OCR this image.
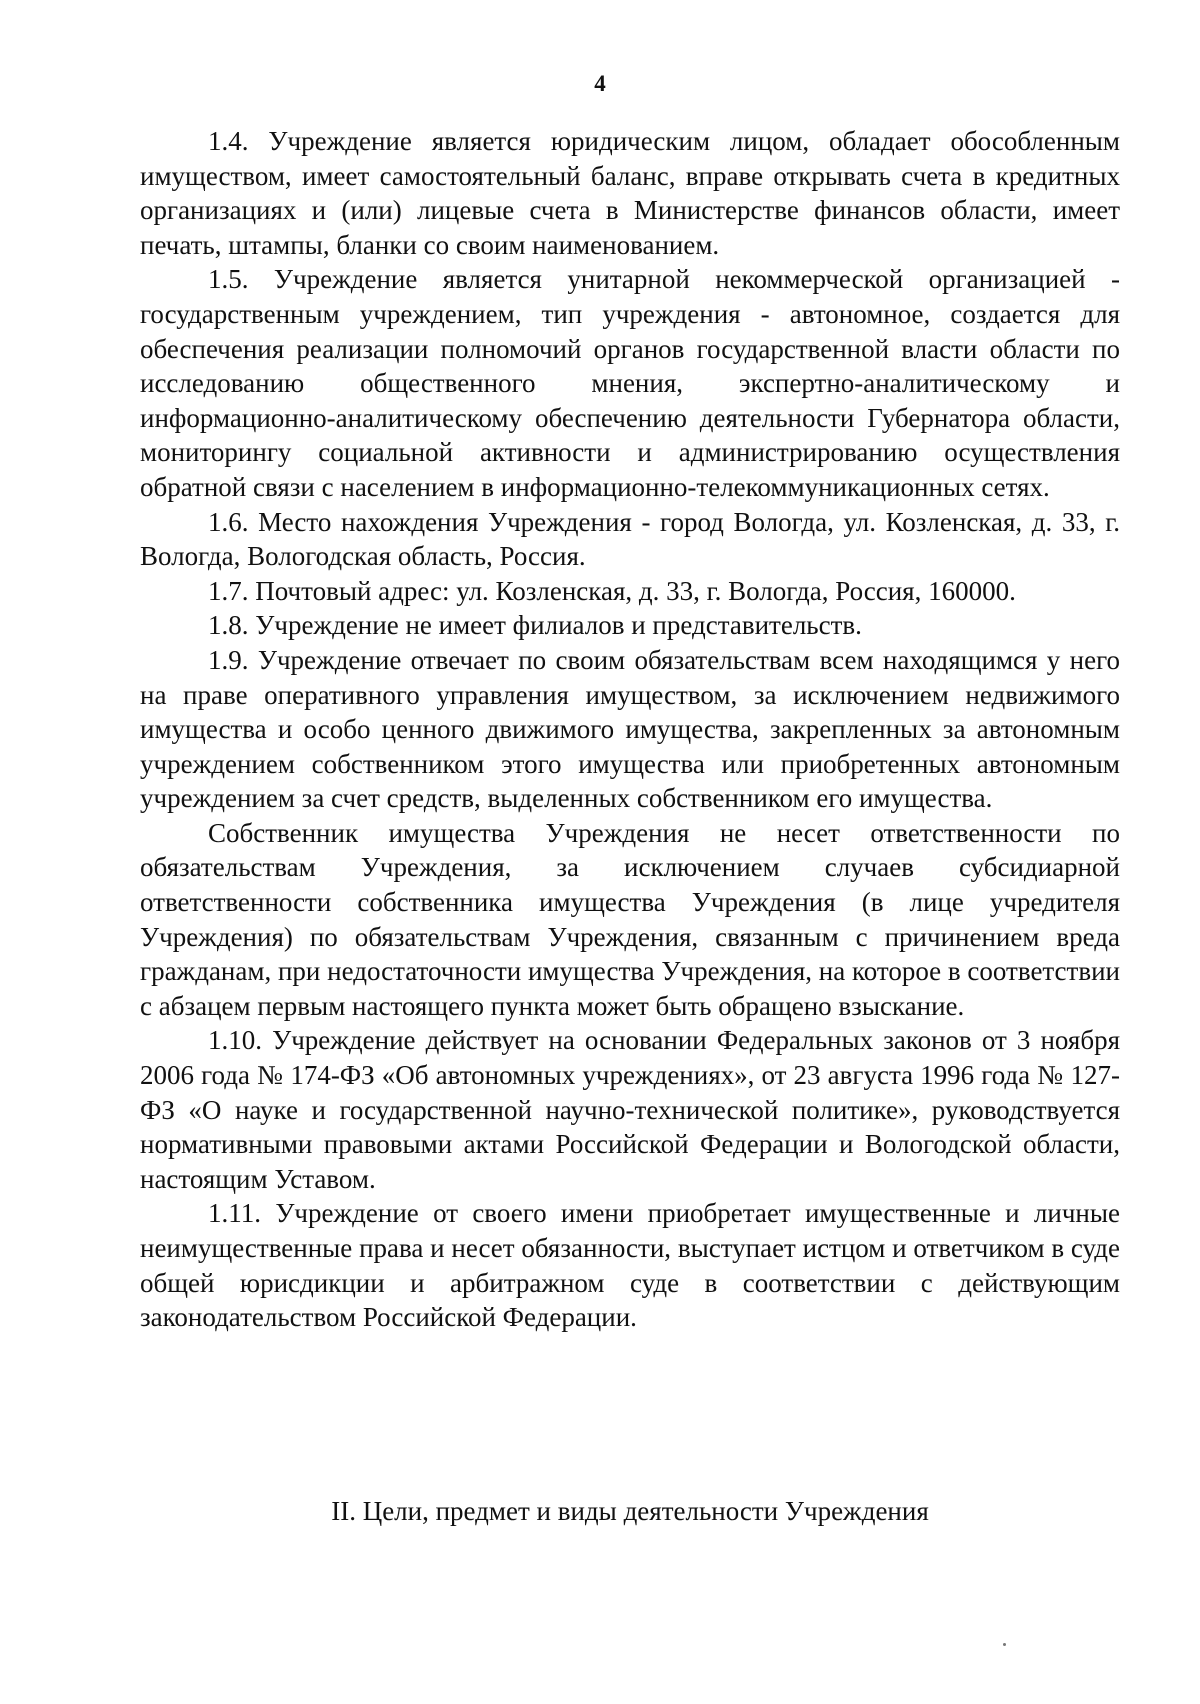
4

1.4. Учреждение является юридическим лицом, обладает обособленным имуществом, имеет самостоятельный баланс, вправе открывать счета в кредитных организациях и (или) лицевые счета в Министерстве финансов области, имеет печать, штампы, бланки со своим наименованием.

1.5. Учреждение является унитарной некоммерческой организацией - государственным учреждением, тип учреждения - автономное, создается для обеспечения реализации полномочий органов государственной власти области по исследованию общественного мнения, экспертно-аналитическому и информационно-аналитическому обеспечению деятельности Губернатора области, мониторингу социальной активности и администрированию осуществления обратной связи с населением в информационно-телекоммуникационных сетях.

1.6. Место нахождения Учреждения - город Вологда, ул. Козленская, д. 33, г. Вологда, Вологодская область, Россия.

1.7. Почтовый адрес: ул. Козленская, д. 33, г. Вологда, Россия, 160000.

1.8. Учреждение не имеет филиалов и представительств.

1.9. Учреждение отвечает по своим обязательствам всем находящимся у него на праве оперативного управления имуществом, за исключением недвижимого имущества и особо ценного движимого имущества, закрепленных за автономным учреждением собственником этого имущества или приобретенных автономным учреждением за счет средств, выделенных собственником его имущества.

Собственник имущества Учреждения не несет ответственности по обязательствам Учреждения, за исключением случаев субсидиарной ответственности собственника имущества Учреждения (в лице учредителя Учреждения) по обязательствам Учреждения, связанным с причинением вреда гражданам, при недостаточности имущества Учреждения, на которое в соответствии с абзацем первым настоящего пункта может быть обращено взыскание.

1.10. Учреждение действует на основании Федеральных законов от 3 ноября 2006 года № 174-ФЗ «Об автономных учреждениях», от 23 августа 1996 года № 127-ФЗ «О науке и государственной научно-технической политике», руководствуется нормативными правовыми актами Российской Федерации и Вологодской области, настоящим Уставом.

1.11. Учреждение от своего имени приобретает имущественные и личные неимущественные права и несет обязанности, выступает истцом и ответчиком в суде общей юрисдикции и арбитражном суде в соответствии с действующим законодательством Российской Федерации.

II. Цели, предмет и виды деятельности Учреждения
